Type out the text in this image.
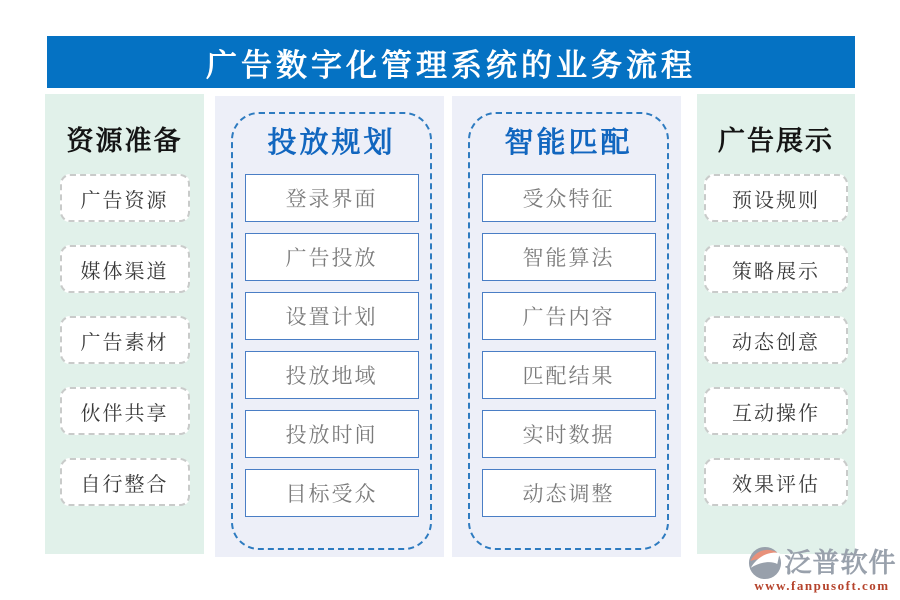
广告数字化管理系统的业务流程
资源准备
广告资源
媒体渠道
广告素材
伙伴共享
自行整合
投放规划
登录界面
广告投放
设置计划
投放地域
投放时间
目标受众
智能匹配
受众特征
智能算法
广告内容
匹配结果
实时数据
动态调整
广告展示
预设规则
策略展示
动态创意
互动操作
效果评估
泛普软件
www.fanpusoft.com
